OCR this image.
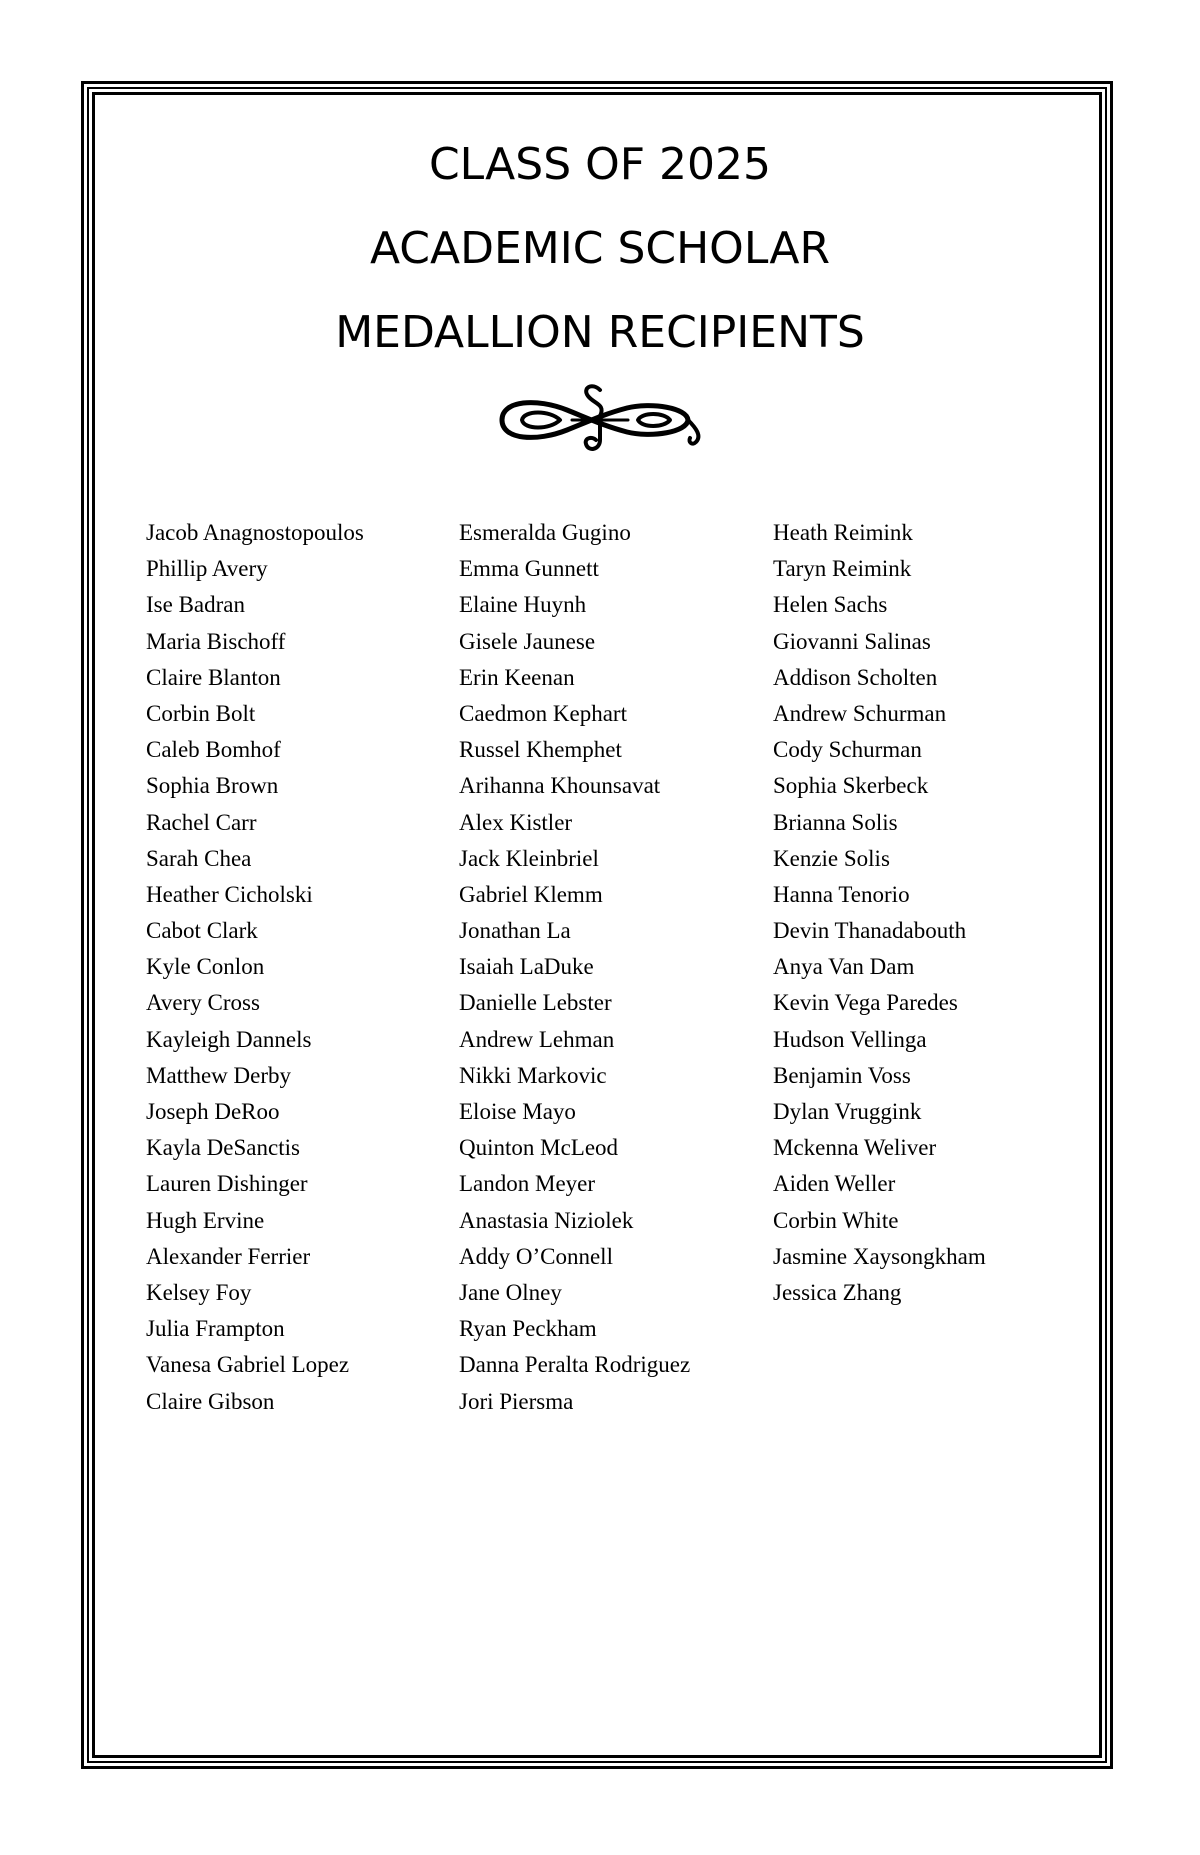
CLASS OF 2025
ACADEMIC SCHOLAR
MEDALLION RECIPIENTS
Jacob Anagnostopoulos
Phillip Avery
Ise Badran
Maria Bischoff
Claire Blanton
Corbin Bolt
Caleb Bomhof
Sophia Brown
Rachel Carr
Sarah Chea
Heather Cicholski
Cabot Clark
Kyle Conlon
Avery Cross
Kayleigh Dannels
Matthew Derby
Joseph DeRoo
Kayla DeSanctis
Lauren Dishinger
Hugh Ervine
Alexander Ferrier
Kelsey Foy
Julia Frampton
Vanesa Gabriel Lopez
Claire Gibson
Esmeralda Gugino
Emma Gunnett
Elaine Huynh
Gisele Jaunese
Erin Keenan
Caedmon Kephart
Russel Khemphet
Arihanna Khounsavat
Alex Kistler
Jack Kleinbriel
Gabriel Klemm
Jonathan La
Isaiah LaDuke
Danielle Lebster
Andrew Lehman
Nikki Markovic
Eloise Mayo
Quinton McLeod
Landon Meyer
Anastasia Niziolek
Addy O’Connell
Jane Olney
Ryan Peckham
Danna Peralta Rodriguez
Jori Piersma
Heath Reimink
Taryn Reimink
Helen Sachs
Giovanni Salinas
Addison Scholten
Andrew Schurman
Cody Schurman
Sophia Skerbeck
Brianna Solis
Kenzie Solis
Hanna Tenorio
Devin Thanadabouth
Anya Van Dam
Kevin Vega Paredes
Hudson Vellinga
Benjamin Voss
Dylan Vruggink
Mckenna Weliver
Aiden Weller
Corbin White
Jasmine Xaysongkham
Jessica Zhang
